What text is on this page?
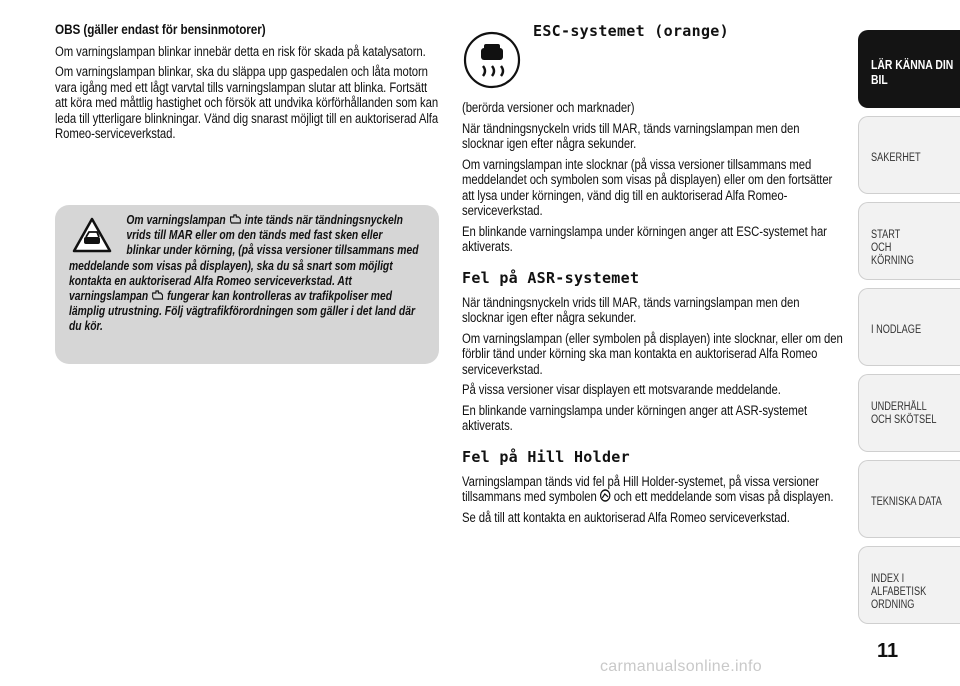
OBS (gäller endast för bensinmotorer)

Om varningslampan blinkar innebär detta en risk för skada på katalysatorn.

Om varningslampan blinkar, ska du släppa upp gaspedalen och låta motorn vara igång med ett lågt varvtal tills varningslampan slutar att blinka. Fortsätt att köra med måttlig hastighet och försök att undvika körförhållanden som kan leda till ytterligare blinkningar. Vänd dig snarast möjligt till en auktoriserad Alfa Romeo-serviceverkstad.

Om varningslampan inte tänds när tändningsnyckeln
vrids till MAR eller om den tänds med fast sken eller
blinkar under körning, (på vissa versioner tillsammans med
meddelande som visas på displayen), ska du så snart som möjligt kontakta en auktoriserad Alfa Romeo serviceverkstad. Att varningslampan fungerar kan kontrolleras av trafikpoliser med lämplig utrustning. Följ vägtrafikförordningen som gäller i det land där du kör.
ESC-systemet (orange)

(berörda versioner och marknader)

När tändningsnyckeln vrids till MAR, tänds varningslampan men den slocknar igen efter några sekunder.

Om varningslampan inte slocknar (på vissa versioner tillsammans med meddelandet och symbolen som visas på displayen) eller om den fortsätter att lysa under körningen, vänd dig till en auktoriserad Alfa Romeo-serviceverkstad.

En blinkande varningslampa under körningen anger att ESC-systemet har aktiverats.

Fel på ASR-systemet

När tändningsnyckeln vrids till MAR, tänds varningslampan men den slocknar igen efter några sekunder.

Om varningslampan (eller symbolen på displayen) inte slocknar, eller om den förblir tänd under körning ska man kontakta en auktoriserad Alfa Romeo serviceverkstad.

På vissa versioner visar displayen ett motsvarande meddelande.

En blinkande varningslampa under körningen anger att ASR-systemet aktiverats.

Fel på Hill Holder

Varningslampan tänds vid fel på Hill Holder-systemet, på vissa versioner tillsammans med symbolen och ett meddelande som visas på displayen.

Se då till att kontakta en auktoriserad Alfa Romeo serviceverkstad.

LÄR KÄNNA DIN BIL
SÄKERHET
START OCH KÖRNING
I NÖDLÄGE
UNDERHÅLL OCH SKÖTSEL
TEKNISKA DATA
INDEX I ALFABETISK ORDNING
11
carmanualsonline.info
